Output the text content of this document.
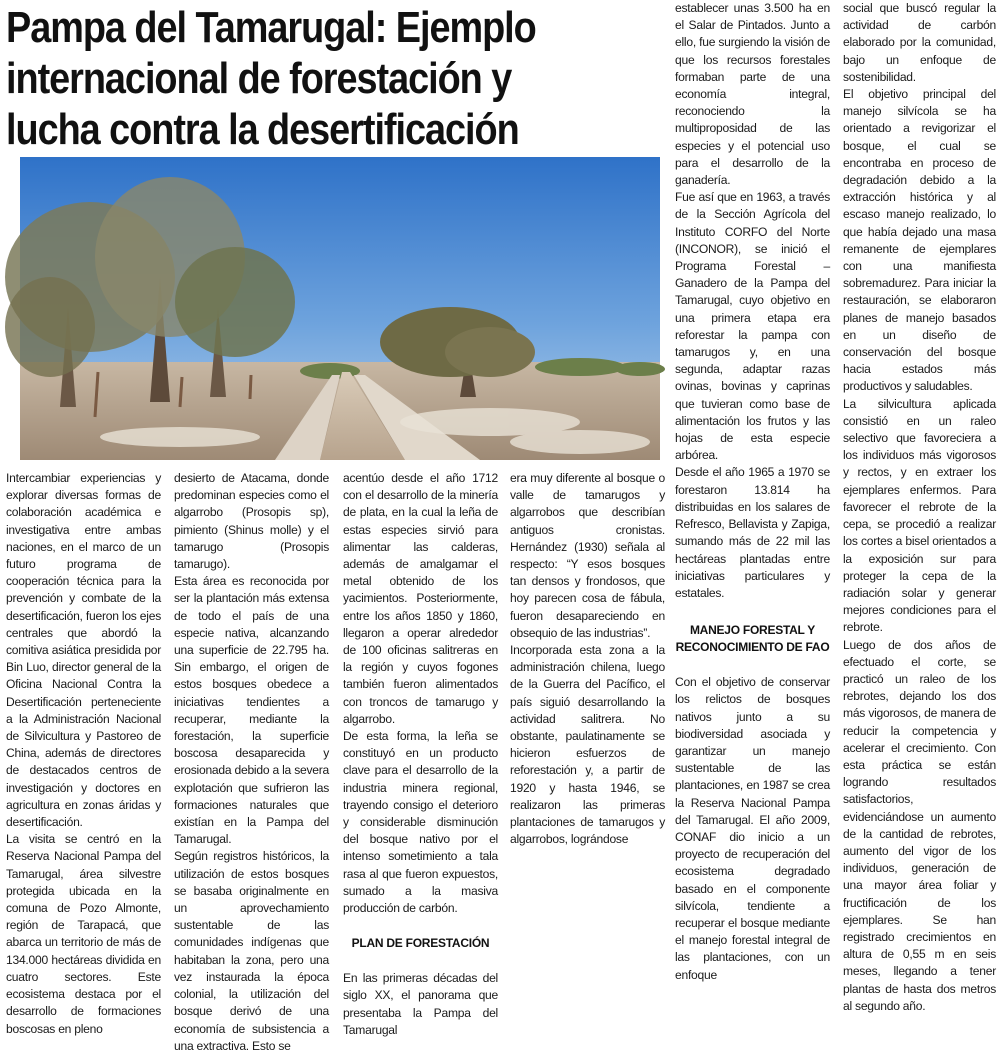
Pampa del Tamarugal: Ejemplo
internacional de forestación y
lucha contra la desertificación

Intercambiar experiencias y explorar diversas formas de colaboración académica e investigativa entre ambas naciones, en el marco de un futuro programa de cooperación técnica para la prevención y combate de la desertificación, fueron los ejes centrales que abordó la comitiva asiática presidida por Bin Luo, director general de la Oficina Nacional Contra la Desertificación perteneciente a la Administración Nacional de Silvicultura y Pastoreo de China, además de directores de destacados centros de investigación y doctores en agricultura en zonas áridas y desertificación.

La visita se centró en la Reserva Nacional Pampa del Tamarugal, área silvestre protegida ubicada en la comuna de Pozo Almonte, región de Tarapacá, que abarca un territorio de más de 134.000 hectáreas dividida en cuatro sectores. Este ecosistema destaca por el desarrollo de formaciones boscosas en pleno

desierto de Atacama, donde predominan especies como el algarrobo (Prosopis sp), pimiento (Shinus molle) y el tamarugo (Prosopis tamarugo).

Esta área es reconocida por ser la plantación más extensa de todo el país de una especie nativa, alcanzando una superficie de 22.795 ha. Sin embargo, el origen de estos bosques obedece a iniciativas tendientes a recuperar, mediante la forestación, la superficie boscosa desaparecida y erosionada debido a la severa explotación que sufrieron las formaciones naturales que existían en la Pampa del Tamarugal.

Según registros históricos, la utilización de estos bosques se basaba originalmente en un aprovechamiento sustentable de las comunidades indígenas que habitaban la zona, pero una vez instaurada la época colonial, la utilización del bosque derivó de una economía de subsistencia a una extractiva. Esto se

acentúo desde el año 1712 con el desarrollo de la minería de plata, en la cual la leña de estas especies sirvió para alimentar las calderas, además de amalgamar el metal obtenido de los yacimientos. Posteriormente, entre los años 1850 y 1860, llegaron a operar alrededor de 100 oficinas salitreras en la región y cuyos fogones también fueron alimentados con troncos de tamarugo y algarrobo.

De esta forma, la leña se constituyó en un producto clave para el desarrollo de la industria minera regional, trayendo consigo el deterioro y considerable disminución del bosque nativo por el intenso sometimiento a tala rasa al que fueron expuestos, sumado a la masiva producción de carbón.

PLAN DE FORESTACIÓN

En las primeras décadas del siglo XX, el panorama que presentaba la Pampa del Tamarugal

era muy diferente al bosque o valle de tamarugos y algarrobos que describían antiguos cronistas. Hernández (1930) señala al respecto: “Y esos bosques tan densos y frondosos, que hoy parecen cosa de fábula, fueron desapareciendo en obsequio de las industrias”.

Incorporada esta zona a la administración chilena, luego de la Guerra del Pacífico, el país siguió desarrollando la actividad salitrera. No obstante, paulatinamente se hicieron esfuerzos de reforestación y, a partir de 1920 y hasta 1946, se realizaron las primeras plantaciones de tamarugos y algarrobos, lográndose

establecer unas 3.500 ha en el Salar de Pintados. Junto a ello, fue surgiendo la visión de que los recursos forestales formaban parte de una economía integral, reconociendo la multiproposidad de las especies y el potencial uso para el desarrollo de la ganadería.

Fue así que en 1963, a través de la Sección Agrícola del Instituto CORFO del Norte (INCONOR), se inició el Programa Forestal – Ganadero de la Pampa del Tamarugal, cuyo objetivo en una primera etapa era reforestar la pampa con tamarugos y, en una segunda, adaptar razas ovinas, bovinas y caprinas que tuvieran como base de alimentación los frutos y las hojas de esta especie arbórea.

Desde el año 1965 a 1970 se forestaron 13.814 ha distribuidas en los salares de Refresco, Bellavista y Zapiga, sumando más de 22 mil las hectáreas plantadas entre iniciativas particulares y estatales.

MANEJO FORESTAL Y

RECONOCIMIENTO DE FAO

Con el objetivo de conservar los relictos de bosques nativos junto a su biodiversidad asociada y garantizar un manejo sustentable de las plantaciones, en 1987 se crea la Reserva Nacional Pampa del Tamarugal. El año 2009, CONAF dio inicio a un proyecto de recuperación del ecosistema degradado basado en el componente silvícola, tendiente a recuperar el bosque mediante el manejo forestal integral de las plantaciones, con un enfoque

social que buscó regular la actividad de carbón elaborado por la comunidad, bajo un enfoque de sostenibilidad.

El objetivo principal del manejo silvícola se ha orientado a revigorizar el bosque, el cual se encontraba en proceso de degradación debido a la extracción histórica y al escaso manejo realizado, lo que había dejado una masa remanente de ejemplares con una manifiesta sobremadurez. Para iniciar la restauración, se elaboraron planes de manejo basados en un diseño de conservación del bosque hacia estados más productivos y saludables.

La silvicultura aplicada consistió en un raleo selectivo que favoreciera a los individuos más vigorosos y rectos, y en extraer los ejemplares enfermos. Para favorecer el rebrote de la cepa, se procedió a realizar los cortes a bisel orientados a la exposición sur para proteger la cepa de la radiación solar y generar mejores condiciones para el rebrote.

Luego de dos años de efectuado el corte, se practicó un raleo de los rebrotes, dejando los dos más vigorosos, de manera de reducir la competencia y acelerar el crecimiento. Con esta práctica se están logrando resultados satisfactorios, evidenciándose un aumento de la cantidad de rebrotes, aumento del vigor de los individuos, generación de una mayor área foliar y fructificación de los ejemplares. Se han registrado crecimientos en altura de 0,55 m en seis meses, llegando a tener plantas de hasta dos metros al segundo año.
